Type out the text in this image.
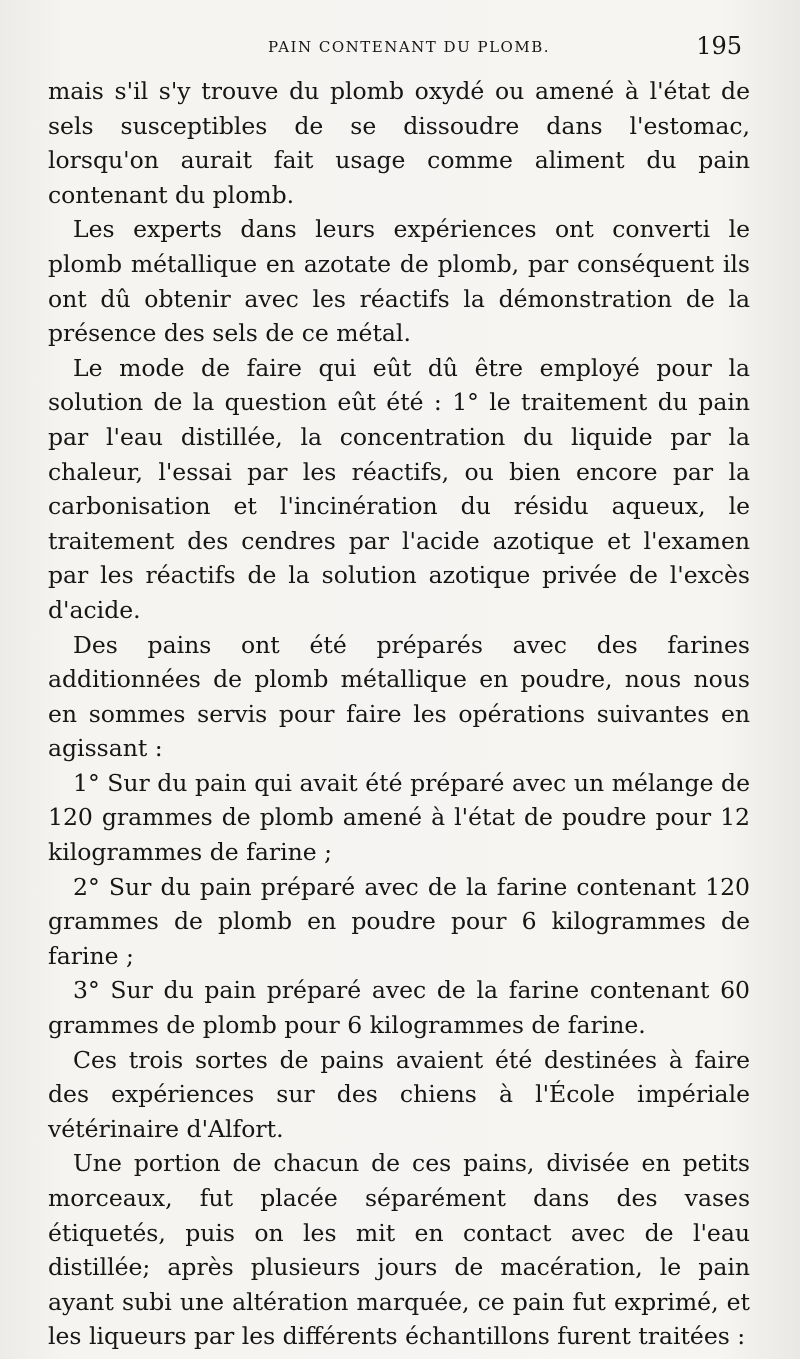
PAIN CONTENANT DU PLOMB.	195

mais s'il s'y trouve du plomb oxydé ou amené à l'état de sels susceptibles de se dissoudre dans l'estomac, lorsqu'on aurait fait usage comme aliment du pain contenant du plomb.

Les experts dans leurs expériences ont converti le plomb métallique en azotate de plomb, par conséquent ils ont dû obtenir avec les réactifs la démonstration de la présence des sels de ce métal.

Le mode de faire qui eût dû être employé pour la solution de la question eût été : 1° le traitement du pain par l'eau distillée, la concentration du liquide par la chaleur, l'essai par les réactifs, ou bien encore par la carbonisation et l'incinération du résidu aqueux, le traitement des cendres par l'acide azotique et l'examen par les réactifs de la solution azotique privée de l'excès d'acide.

Des pains ont été préparés avec des farines additionnées de plomb métallique en poudre, nous nous en sommes servis pour faire les opérations suivantes en agissant :

1° Sur du pain qui avait été préparé avec un mélange de 120 grammes de plomb amené à l'état de poudre pour 12 kilogrammes de farine ;

2° Sur du pain préparé avec de la farine contenant 120 grammes de plomb en poudre pour 6 kilogrammes de farine ;

3° Sur du pain préparé avec de la farine contenant 60 grammes de plomb pour 6 kilogrammes de farine.

Ces trois sortes de pains avaient été destinées à faire des expériences sur des chiens à l'École impériale vétérinaire d'Alfort.

Une portion de chacun de ces pains, divisée en petits morceaux, fut placée séparément dans des vases étiquetés, puis on les mit en contact avec de l'eau distillée; après plusieurs jours de macération, le pain ayant subi une altération marquée, ce pain fut exprimé, et les liqueurs par les différents échantillons furent traitées :
